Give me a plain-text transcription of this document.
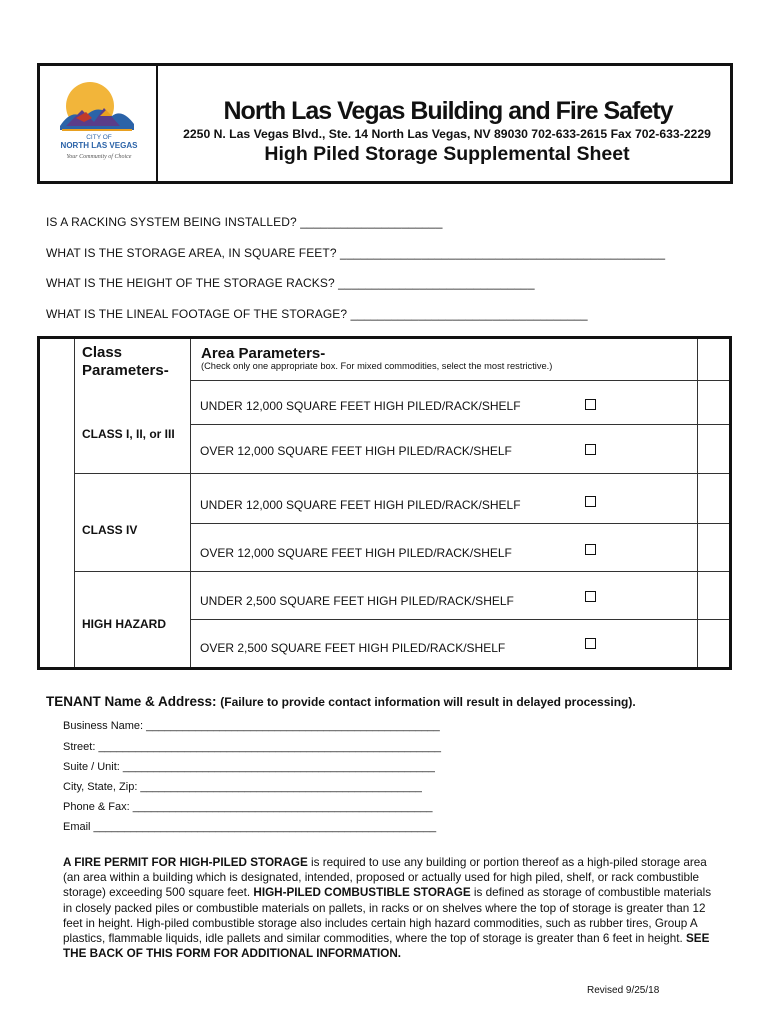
CITY OF
NORTH LAS VEGAS
Your Community of Choice
North Las Vegas Building and Fire Safety
2250 N. Las Vegas Blvd., Ste. 14 North Las Vegas, NV 89030 702-633-2615 Fax 702-633-2229
High Piled Storage Supplemental Sheet
IS A RACKING SYSTEM BEING INSTALLED? _____________________
WHAT IS THE STORAGE AREA, IN SQUARE FEET? ________________________________________________
WHAT IS THE HEIGHT OF THE STORAGE RACKS? _____________________________
WHAT IS THE LINEAL FOOTAGE OF THE STORAGE? ___________________________________
Class
Parameters-
Area Parameters-
(Check only one appropriate box. For mixed commodities, select the most restrictive.)
CLASS I, II, or III
CLASS IV
HIGH HAZARD
UNDER 12,000 SQUARE FEET HIGH PILED/RACK/SHELF
OVER 12,000 SQUARE FEET HIGH PILED/RACK/SHELF
UNDER 12,000 SQUARE FEET HIGH PILED/RACK/SHELF
OVER 12,000 SQUARE FEET HIGH PILED/RACK/SHELF
UNDER 2,500 SQUARE FEET HIGH PILED/RACK/SHELF
OVER 2,500 SQUARE FEET HIGH PILED/RACK/SHELF
TENANT Name & Address: (Failure to provide contact information will result in delayed processing).
Business Name: ________________________________________________
Street: ________________________________________________________
Suite / Unit: ___________________________________________________
City, State, Zip: ______________________________________________
Phone & Fax: _________________________________________________
Email ________________________________________________________
A FIRE PERMIT FOR HIGH-PILED STORAGE is required to use any building or portion thereof as a high-piled storage area (an area within a building which is designated, intended, proposed or actually used for high piled, shelf, or rack combustible storage) exceeding 500 square feet. HIGH-PILED COMBUSTIBLE STORAGE is defined as storage of combustible materials in closely packed piles or combustible materials on pallets, in racks or on shelves where the top of storage is greater than 12 feet in height. High-piled combustible storage also includes certain high hazard commodities, such as rubber tires, Group A plastics, flammable liquids, idle pallets and similar commodities, where the top of storage is greater than 6 feet in height. SEE THE BACK OF THIS FORM FOR ADDITIONAL INFORMATION.
Revised 9/25/18
